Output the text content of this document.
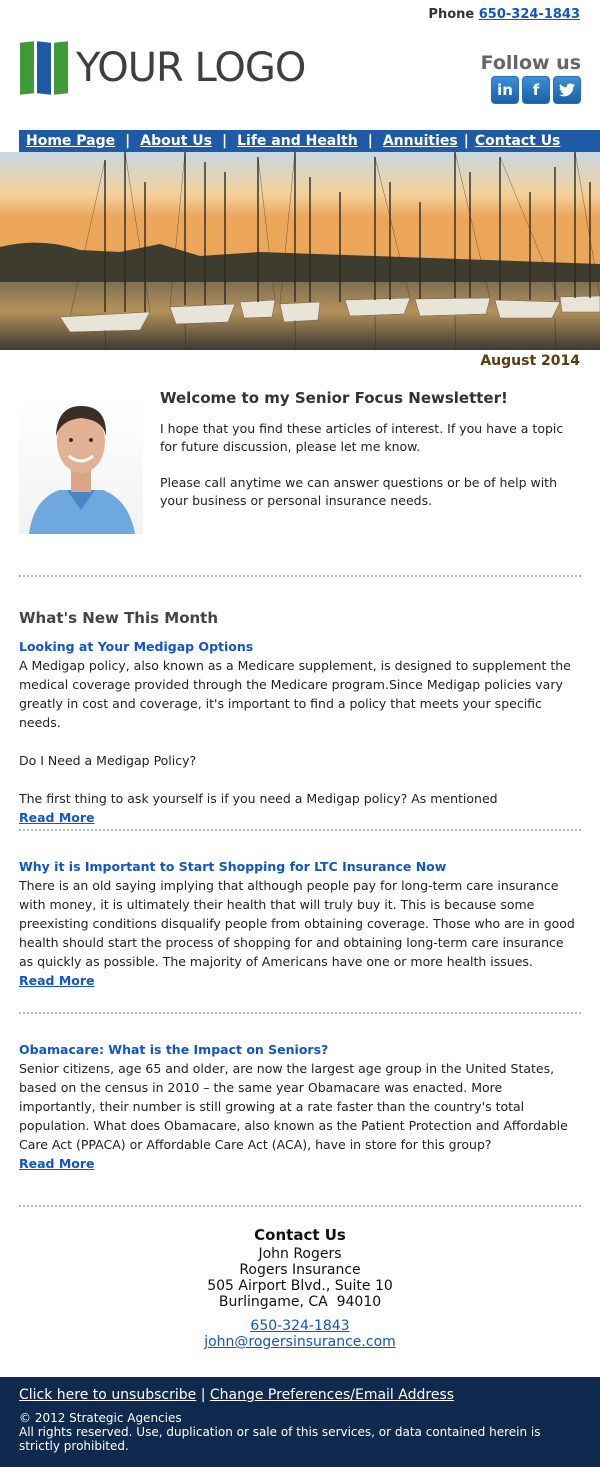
Phone 650-324-1843
YOUR LOGO	Follow us
in	f
Home Page | About Us | Life and Health | Annuities | Contact Us
August 2014
Welcome to my Senior Focus Newsletter!

I hope that you find these articles of interest. If you have a topic for future discussion, please let me know.

Please call anytime we can answer questions or be of help with your business or personal insurance needs.

What's New This Month
Looking at Your Medigap Options

A Medigap policy, also known as a Medicare supplement, is designed to supplement the medical coverage provided through the Medicare program.Since Medigap policies vary greatly in cost and coverage, it's important to find a policy that meets your specific needs.

Do I Need a Medigap Policy?

The first thing to ask yourself is if you need a Medigap policy? As mentioned

Read More
Why it is Important to Start Shopping for LTC Insurance Now

There is an old saying implying that although people pay for long-term care insurance with money, it is ultimately their health that will truly buy it. This is because some preexisting conditions disqualify people from obtaining coverage. Those who are in good health should start the process of shopping for and obtaining long-term care insurance as quickly as possible. The majority of Americans have one or more health issues.

Read More
Obamacare: What is the Impact on Seniors?

Senior citizens, age 65 and older, are now the largest age group in the United States, based on the census in 2010 – the same year Obamacare was enacted. More importantly, their number is still growing at a rate faster than the country's total population. What does Obamacare, also known as the Patient Protection and Affordable Care Act (PPACA) or Affordable Care Act (ACA), have in store for this group?

Read More
Contact Us
John Rogers
Rogers Insurance
505 Airport Blvd., Suite 10
Burlingame, CA  94010
650-324-1843
john@rogersinsurance.com
Click here to unsubscribe | Change Preferences/Email Address
© 2012 Strategic Agencies
All rights reserved. Use, duplication or sale of this services, or data contained herein is strictly prohibited.
